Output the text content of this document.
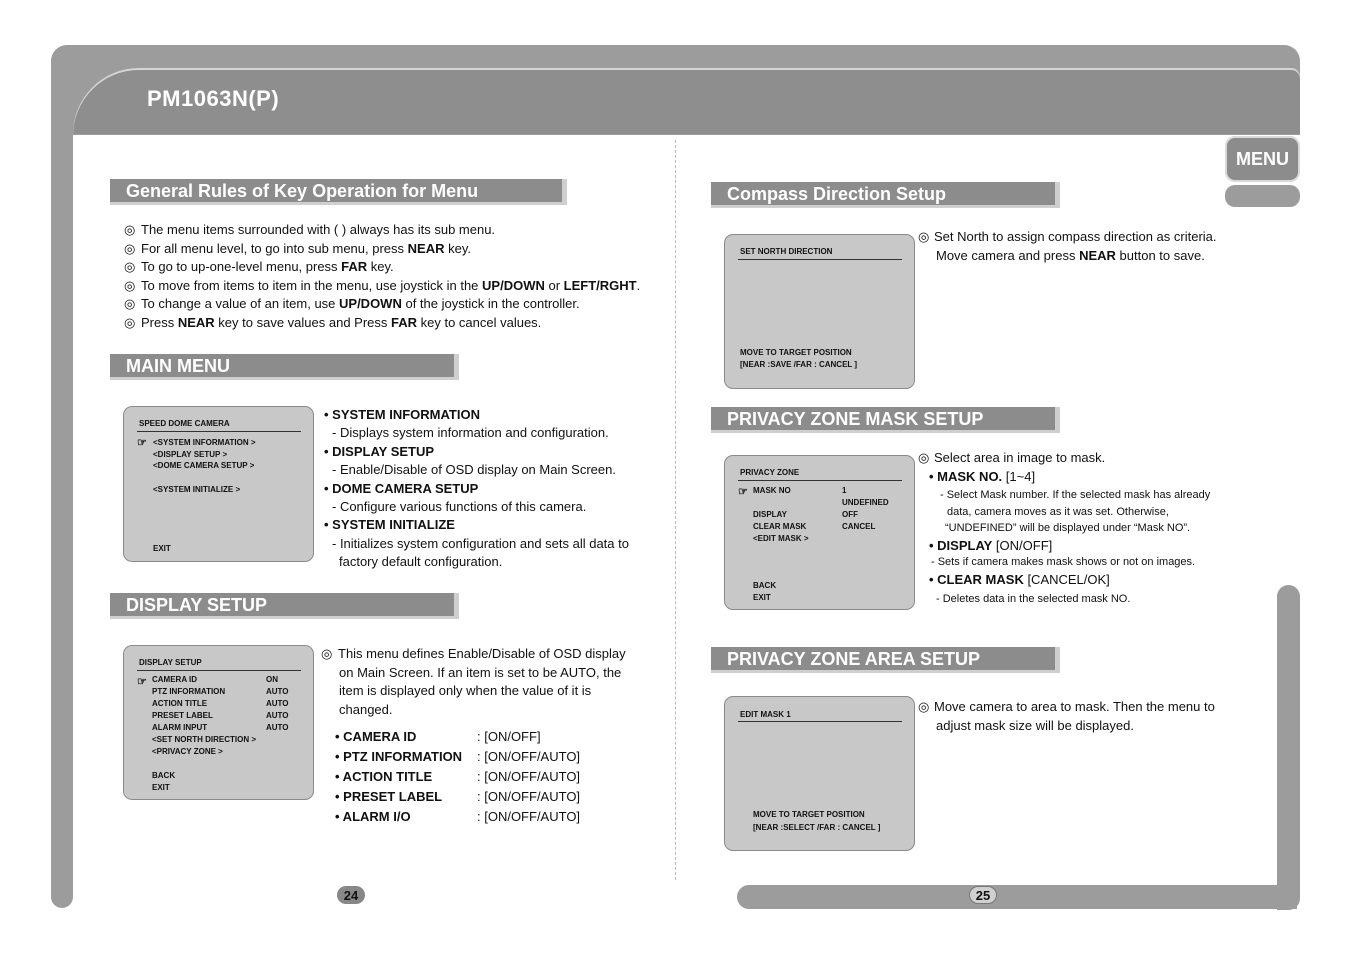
PM1063N(P)
MENU
General Rules of Key Operation for Menu
MAIN MENU
SPEED DOME CAMERA
☞ <SYSTEM INFORMATION >
<DISPLAY SETUP >
<DOME CAMERA SETUP >
<SYSTEM INITIALIZE >
EXIT
DISPLAY SETUP
DISPLAY SETUP
☞ CAMERA ID	ON
PTZ INFORMATION	AUTO
ACTION TITLE	AUTO
PRESET LABEL	AUTO
ALARM INPUT	AUTO
<SET NORTH DIRECTION >
<PRIVACY ZONE >
BACK
EXIT
24
Compass Direction Setup
SET NORTH DIRECTION
MOVE TO TARGET POSITION
[NEAR :SAVE /FAR : CANCEL ]
PRIVACY ZONE MASK SETUP
PRIVACY ZONE
☞ MASK NO	1
UNDEFINED
DISPLAY	OFF
CLEAR MASK	CANCEL
<EDIT MASK >
BACK
EXIT
PRIVACY ZONE AREA SETUP
EDIT MASK 1
MOVE TO TARGET POSITION
[NEAR :SELECT /FAR : CANCEL ]
25
◎ The menu items surrounded with ( ) always has its sub menu.
◎ For all menu level, to go into sub menu, press NEAR key.
◎ To go to up-one-level menu, press FAR key.
◎ To move from items to item in the menu, use joystick in the UP/DOWN or LEFT/RGHT.
◎ To change a value of an item, use UP/DOWN of the joystick in the controller.
◎ Press NEAR key to save values and Press FAR key to cancel values.
• SYSTEM INFORMATION
- Displays system information and configuration.
• DISPLAY SETUP
- Enable/Disable of OSD display on Main Screen.
• DOME CAMERA SETUP
- Configure various functions of this camera.
• SYSTEM INITIALIZE
- Initializes system configuration and sets all data to
factory default configuration.
◎ This menu defines Enable/Disable of OSD display
on Main Screen. If an item is set to be AUTO, the
item is displayed only when the value of it is
changed.
• CAMERA ID	: [ON/OFF]
• PTZ INFORMATION : [ON/OFF/AUTO]
• ACTION TITLE	: [ON/OFF/AUTO]
• PRESET LABEL	: [ON/OFF/AUTO]
• ALARM I/O	: [ON/OFF/AUTO]
◎ Set North to assign compass direction as criteria.
Move camera and press NEAR button to save.
◎ Select area in image to mask.
• MASK NO. [1~4]
- Select Mask number. If the selected mask has already
data, camera moves as it was set. Otherwise,
“UNDEFINED” will be displayed under “Mask NO”.
• DISPLAY [ON/OFF]
- Sets if camera makes mask shows or not on images.
• CLEAR MASK [CANCEL/OK]
- Deletes data in the selected mask NO.
◎ Move camera to area to mask. Then the menu to
adjust mask size will be displayed.
